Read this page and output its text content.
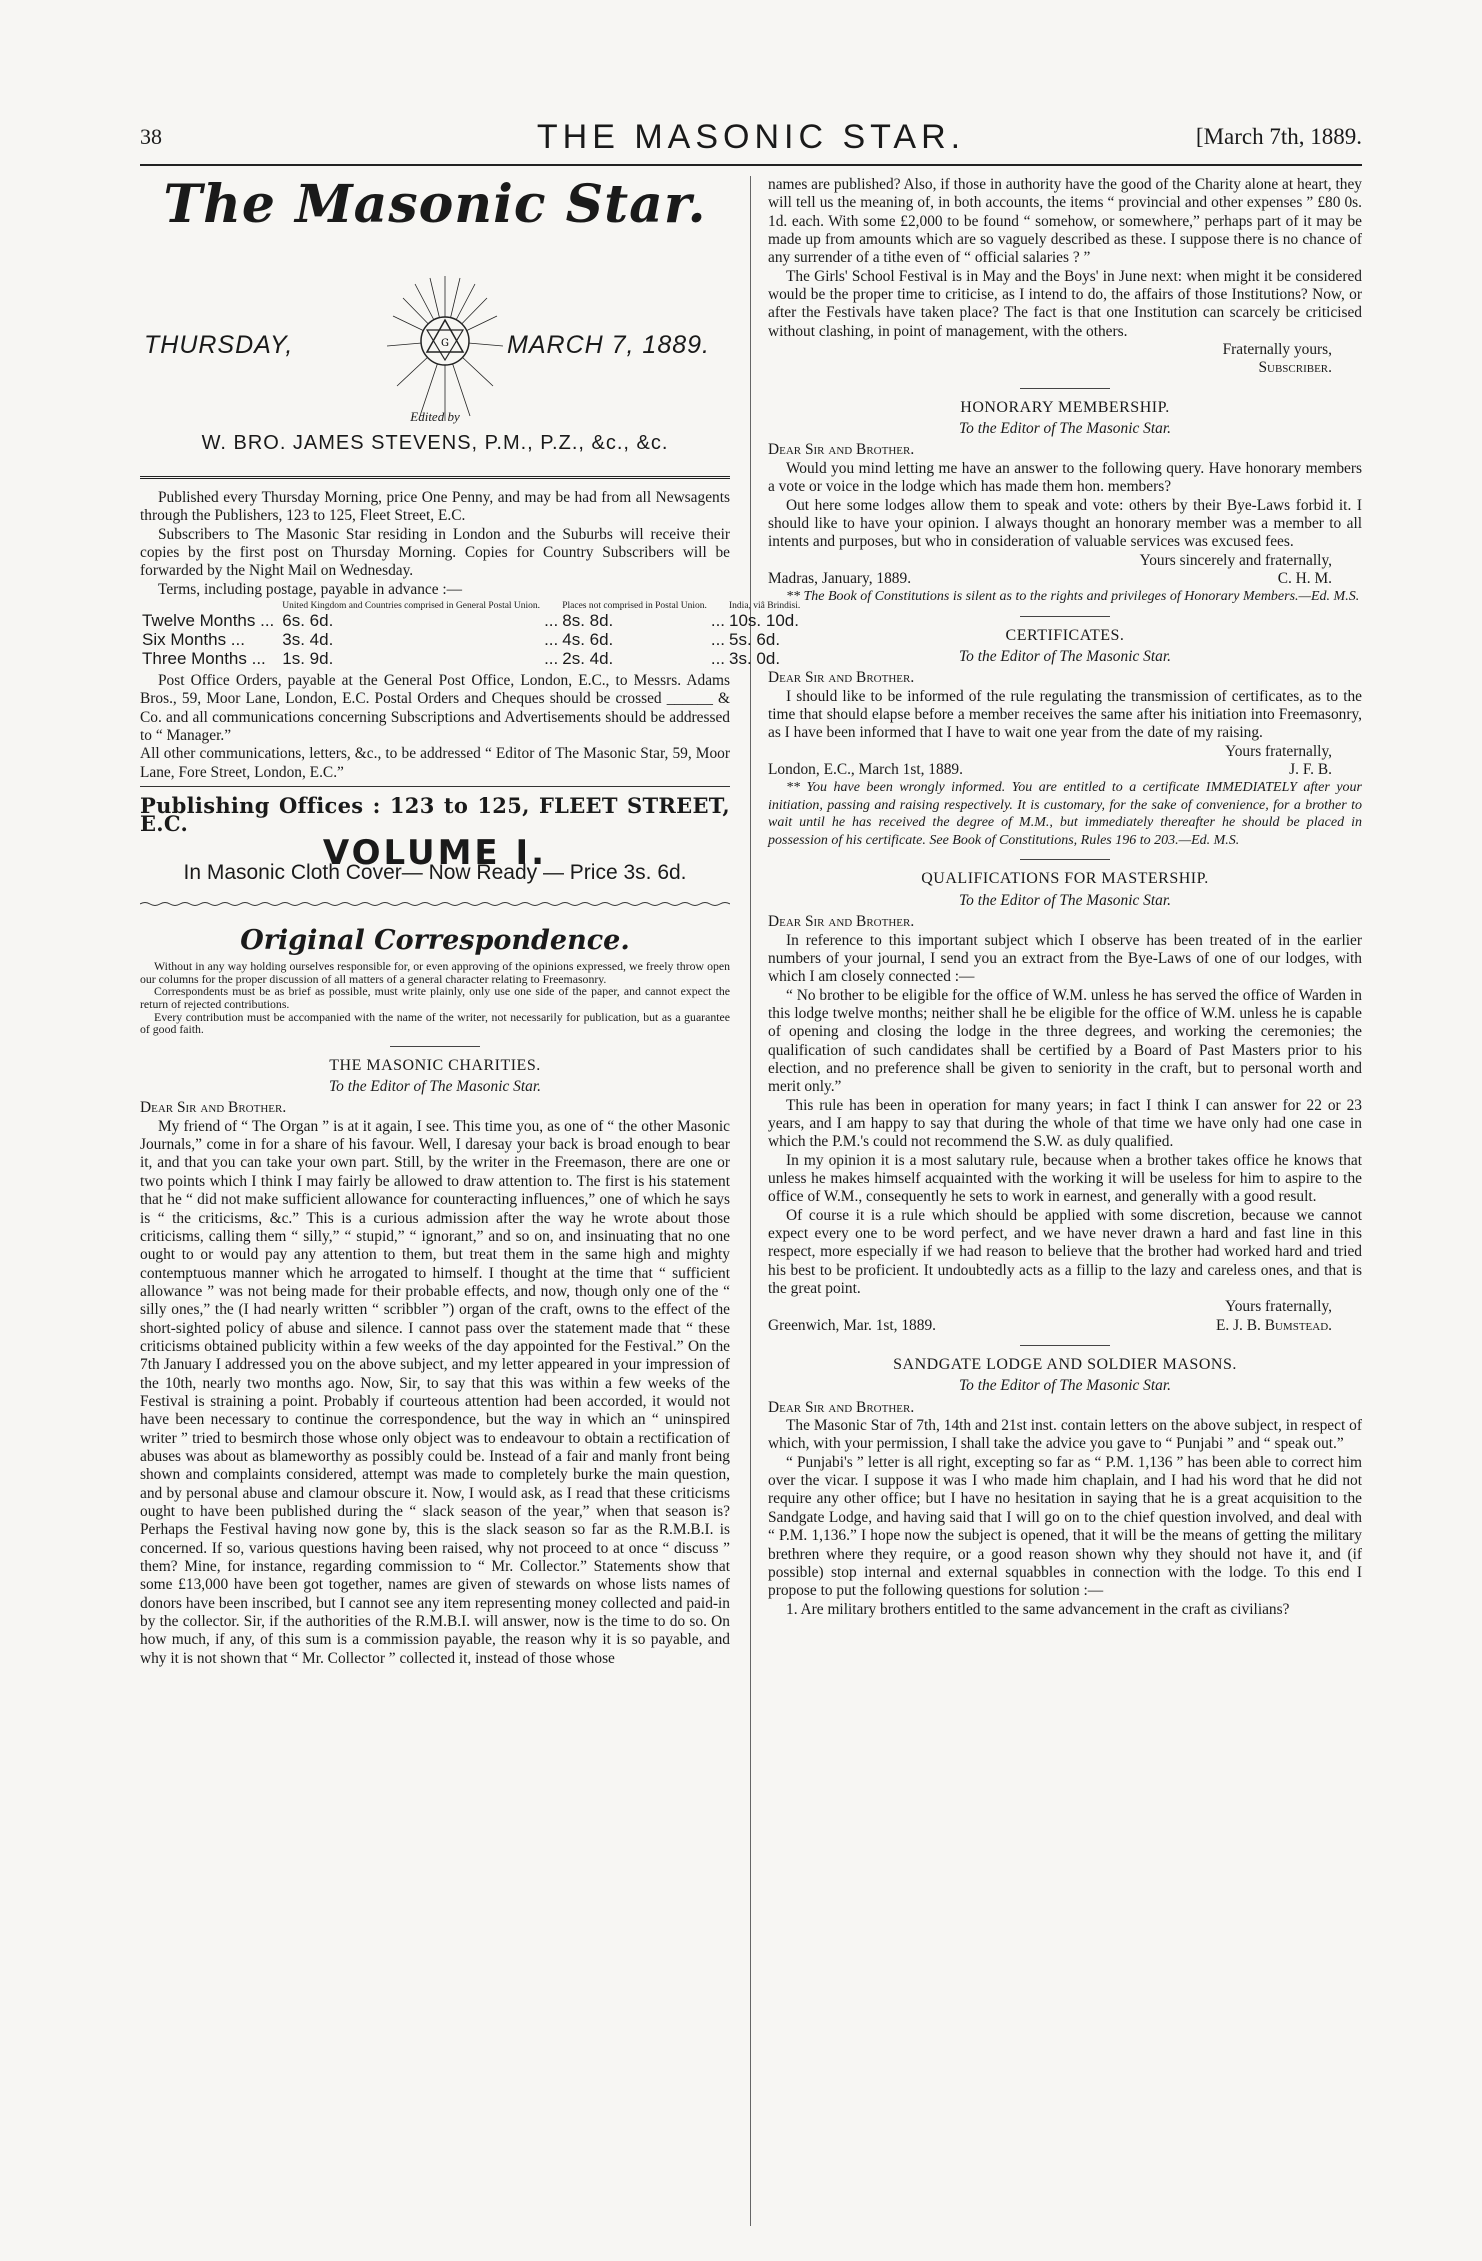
38	THE MASONIC STAR.	[March 7th, 1889.
The Masonic Star.
THURSDAY,	G MARCH 7, 1889.
Edited by
W. BRO. JAMES STEVENS, P.M., P.Z., &c., &c.

Published every Thursday Morning, price One Penny, and may be had from all Newsagents through the Publishers, 123 to 125, Fleet Street, E.C.

Subscribers to The Masonic Star residing in London and the Suburbs will receive their copies by the first post on Thursday Morning. Copies for Country Subscribers will be forwarded by the Night Mail on Wednesday.

Terms, including postage, payable in advance :—

		United Kingdom and Countries comprised in General Postal Union.		Places not comprised in Postal Union.		India, viâ Brindisi.
Twelve Months ...		6s. 6d.	...	8s. 8d.	...	10s. 10d.
Six Months ...		3s. 4d.	...	4s. 6d.	...	5s. 6d.
Three Months ...		1s. 9d.	...	2s. 4d.	...	3s. 0d.

Post Office Orders, payable at the General Post Office, London, E.C., to Messrs. Adams Bros., 59, Moor Lane, London, E.C. Postal Orders and Cheques should be crossed ______ & Co. and all communications concerning Subscriptions and Advertisements should be addressed to “ Manager.”

All other communications, letters, &c., to be addressed “ Editor of The Masonic Star, 59, Moor Lane, Fore Street, London, E.C.”

Publishing Offices : 123 to 125, FLEET STREET, E.C.
VOLUME I.
In Masonic Cloth Cover— Now Ready — Price 3s. 6d.
Original Correspondence.

Without in any way holding ourselves responsible for, or even approving of the opinions expressed, we freely throw open our columns for the proper discussion of all matters of a general character relating to Freemasonry.

Correspondents must be as brief as possible, must write plainly, only use one side of the paper, and cannot expect the return of rejected contributions.

Every contribution must be accompanied with the name of the writer, not necessarily for publication, but as a guarantee of good faith.

THE MASONIC CHARITIES.
To the Editor of The Masonic Star.

Dear Sir and Brother.

My friend of “ The Organ ” is at it again, I see. This time you, as one of “ the other Masonic Journals,” come in for a share of his favour. Well, I daresay your back is broad enough to bear it, and that you can take your own part. Still, by the writer in the Freemason, there are one or two points which I think I may fairly be allowed to draw attention to. The first is his statement that he “ did not make sufficient allowance for counteracting influences,” one of which he says is “ the criticisms, &c.” This is a curious admission after the way he wrote about those criticisms, calling them “ silly,” “ stupid,” “ ignorant,” and so on, and insinuating that no one ought to or would pay any attention to them, but treat them in the same high and mighty contemptuous manner which he arrogated to himself. I thought at the time that “ sufficient allowance ” was not being made for their probable effects, and now, though only one of the “ silly ones,” the (I had nearly written “ scribbler ”) organ of the craft, owns to the effect of the short-sighted policy of abuse and silence. I cannot pass over the statement made that “ these criticisms obtained publicity within a few weeks of the day appointed for the Festival.” On the 7th January I addressed you on the above subject, and my letter appeared in your impression of the 10th, nearly two months ago. Now, Sir, to say that this was within a few weeks of the Festival is straining a point. Probably if courteous attention had been accorded, it would not have been necessary to continue the correspondence, but the way in which an “ uninspired writer ” tried to besmirch those whose only object was to endeavour to obtain a rectification of abuses was about as blameworthy as possibly could be. Instead of a fair and manly front being shown and complaints considered, attempt was made to completely burke the main question, and by personal abuse and clamour obscure it. Now, I would ask, as I read that these criticisms ought to have been published during the “ slack season of the year,” when that season is? Perhaps the Festival having now gone by, this is the slack season so far as the R.M.B.I. is concerned. If so, various questions having been raised, why not proceed to at once “ discuss ” them? Mine, for instance, regarding commission to “ Mr. Collector.” Statements show that some £13,000 have been got together, names are given of stewards on whose lists names of donors have been inscribed, but I cannot see any item representing money collected and paid-in by the collector. Sir, if the authorities of the R.M.B.I. will answer, now is the time to do so. On how much, if any, of this sum is a commission payable, the reason why it is so payable, and why it is not shown that “ Mr. Collector ” collected it, instead of those whose

names are published? Also, if those in authority have the good of the Charity alone at heart, they will tell us the meaning of, in both accounts, the items “ provincial and other expenses ” £80 0s. 1d. each. With some £2,000 to be found “ somehow, or somewhere,” perhaps part of it may be made up from amounts which are so vaguely described as these. I suppose there is no chance of any surrender of a tithe even of “ official salaries ? ”

The Girls' School Festival is in May and the Boys' in June next: when might it be considered would be the proper time to criticise, as I intend to do, the affairs of those Institutions? Now, or after the Festivals have taken place? The fact is that one Institution can scarcely be criticised without clashing, in point of management, with the others.

Fraternally yours,

Subscriber.

HONORARY MEMBERSHIP.
To the Editor of The Masonic Star.

Dear Sir and Brother.

Would you mind letting me have an answer to the following query. Have honorary members a vote or voice in the lodge which has made them hon. members?

Out here some lodges allow them to speak and vote: others by their Bye-Laws forbid it. I should like to have your opinion. I always thought an honorary member was a member to all intents and purposes, but who in consideration of valuable services was excused fees.

Yours sincerely and fraternally,

Madras, January, 1889.	C. H. M.

** The Book of Constitutions is silent as to the rights and privileges of Honorary Members.—Ed. M.S.

CERTIFICATES.
To the Editor of The Masonic Star.

Dear Sir and Brother.

I should like to be informed of the rule regulating the transmission of certificates, as to the time that should elapse before a member receives the same after his initiation into Freemasonry, as I have been informed that I have to wait one year from the date of my raising.

Yours fraternally,

London, E.C., March 1st, 1889.	J. F. B.

** You have been wrongly informed. You are entitled to a certificate IMMEDIATELY after your initiation, passing and raising respectively. It is customary, for the sake of convenience, for a brother to wait until he has received the degree of M.M., but immediately thereafter he should be placed in possession of his certificate. See Book of Constitutions, Rules 196 to 203.—Ed. M.S.

QUALIFICATIONS FOR MASTERSHIP.
To the Editor of The Masonic Star.

Dear Sir and Brother.

In reference to this important subject which I observe has been treated of in the earlier numbers of your journal, I send you an extract from the Bye-Laws of one of our lodges, with which I am closely connected :—

“ No brother to be eligible for the office of W.M. unless he has served the office of Warden in this lodge twelve months; neither shall he be eligible for the office of W.M. unless he is capable of opening and closing the lodge in the three degrees, and working the ceremonies; the qualification of such candidates shall be certified by a Board of Past Masters prior to his election, and no preference shall be given to seniority in the craft, but to personal worth and merit only.”

This rule has been in operation for many years; in fact I think I can answer for 22 or 23 years, and I am happy to say that during the whole of that time we have only had one case in which the P.M.'s could not recommend the S.W. as duly qualified.

In my opinion it is a most salutary rule, because when a brother takes office he knows that unless he makes himself acquainted with the working it will be useless for him to aspire to the office of W.M., consequently he sets to work in earnest, and generally with a good result.

Of course it is a rule which should be applied with some discretion, because we cannot expect every one to be word perfect, and we have never drawn a hard and fast line in this respect, more especially if we had reason to believe that the brother had worked hard and tried his best to be proficient. It undoubtedly acts as a fillip to the lazy and careless ones, and that is the great point.

Yours fraternally,

Greenwich, Mar. 1st, 1889.	E. J. B. Bumstead.
SANDGATE LODGE AND SOLDIER MASONS.
To the Editor of The Masonic Star.

Dear Sir and Brother.

The Masonic Star of 7th, 14th and 21st inst. contain letters on the above subject, in respect of which, with your permission, I shall take the advice you gave to “ Punjabi ” and “ speak out.”

“ Punjabi's ” letter is all right, excepting so far as “ P.M. 1,136 ” has been able to correct him over the vicar. I suppose it was I who made him chaplain, and I had his word that he did not require any other office; but I have no hesitation in saying that he is a great acquisition to the Sandgate Lodge, and having said that I will go on to the chief question involved, and deal with “ P.M. 1,136.” I hope now the subject is opened, that it will be the means of getting the military brethren where they require, or a good reason shown why they should not have it, and (if possible) stop internal and external squabbles in connection with the lodge. To this end I propose to put the following questions for solution :—

1. Are military brothers entitled to the same advancement in the craft as civilians?
